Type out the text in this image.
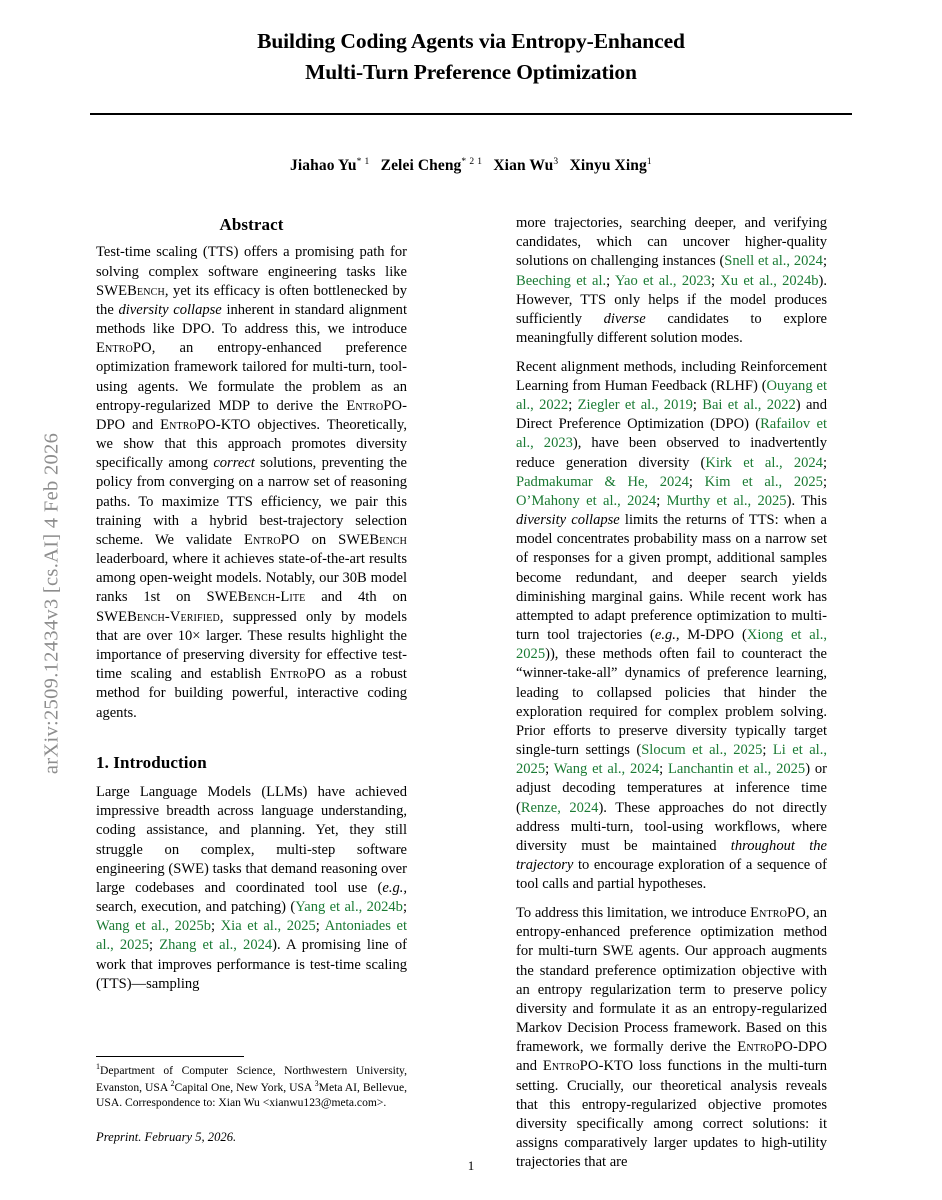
arXiv:2509.12434v3 [cs.AI] 4 Feb 2026
Building Coding Agents via Entropy-Enhanced
Multi-Turn Preference Optimization
Jiahao Yu$^{* 1}$ Zelei Cheng$^{* 2 1}$ Xian Wu$^3$ Xinyu Xing$^1$
Abstract

Test-time scaling (TTS) offers a promising path for solving complex software engineering tasks like SWEBench, yet its efficacy is often bottlenecked by the diversity collapse inherent in standard alignment methods like DPO. To address this, we introduce EntroPO, an entropy-enhanced preference optimization framework tailored for multi-turn, tool-using agents. We formulate the problem as an entropy-regularized MDP to derive the EntroPO-DPO and EntroPO-KTO objectives. Theoretically, we show that this approach promotes diversity specifically among correct solutions, preventing the policy from converging on a narrow set of reasoning paths. To maximize TTS efficiency, we pair this training with a hybrid best-trajectory selection scheme. We validate EntroPO on SWEBench leaderboard, where it achieves state-of-the-art results among open-weight models. Notably, our 30B model ranks 1st on SWEBench-Lite and 4th on SWEBench-Verified, suppressed only by models that are over 10× larger. These results highlight the importance of preserving diversity for effective test-time scaling and establish EntroPO as a robust method for building powerful, interactive coding agents.

1. Introduction

Large Language Models (LLMs) have achieved impressive breadth across language understanding, coding assistance, and planning. Yet, they still struggle on complex, multi-step software engineering (SWE) tasks that demand reasoning over large codebases and coordinated tool use (e.g., search, execution, and patching) (Yang et al., 2024b; Wang et al., 2025b; Xia et al., 2025; Antoniades et al., 2025; Zhang et al., 2024). A promising line of work that improves performance is test-time scaling (TTS)—sampling

more trajectories, searching deeper, and verifying candidates, which can uncover higher-quality solutions on challenging instances (Snell et al., 2024; Beeching et al.; Yao et al., 2023; Xu et al., 2024b). However, TTS only helps if the model produces sufficiently diverse candidates to explore meaningfully different solution modes.

Recent alignment methods, including Reinforcement Learning from Human Feedback (RLHF) (Ouyang et al., 2022; Ziegler et al., 2019; Bai et al., 2022) and Direct Preference Optimization (DPO) (Rafailov et al., 2023), have been observed to inadvertently reduce generation diversity (Kirk et al., 2024; Padmakumar & He, 2024; Kim et al., 2025; O’Mahony et al., 2024; Murthy et al., 2025). This diversity collapse limits the returns of TTS: when a model concentrates probability mass on a narrow set of responses for a given prompt, additional samples become redundant, and deeper search yields diminishing marginal gains. While recent work has attempted to adapt preference optimization to multi-turn tool trajectories (e.g., M-DPO (Xiong et al., 2025)), these methods often fail to counteract the “winner-take-all” dynamics of preference learning, leading to collapsed policies that hinder the exploration required for complex problem solving. Prior efforts to preserve diversity typically target single-turn settings (Slocum et al., 2025; Li et al., 2025; Wang et al., 2024; Lanchantin et al., 2025) or adjust decoding temperatures at inference time (Renze, 2024). These approaches do not directly address multi-turn, tool-using workflows, where diversity must be maintained throughout the trajectory to encourage exploration of a sequence of tool calls and partial hypotheses.

To address this limitation, we introduce EntroPO, an entropy-enhanced preference optimization method for multi-turn SWE agents. Our approach augments the standard preference optimization objective with an entropy regularization term to preserve policy diversity and formulate it as an entropy-regularized Markov Decision Process framework. Based on this framework, we formally derive the EntroPO-DPO and EntroPO-KTO loss functions in the multi-turn setting. Crucially, our theoretical analysis reveals that this entropy-regularized objective promotes diversity specifically among correct solutions: it assigns comparatively larger updates to high-utility trajectories that are

$^1$Department of Computer Science, Northwestern University, Evanston, USA $^2$Capital One, New York, USA $^3$Meta AI, Bellevue, USA. Correspondence to: Xian Wu <xianwu123@meta.com>.
Preprint. February 5, 2026.
1
